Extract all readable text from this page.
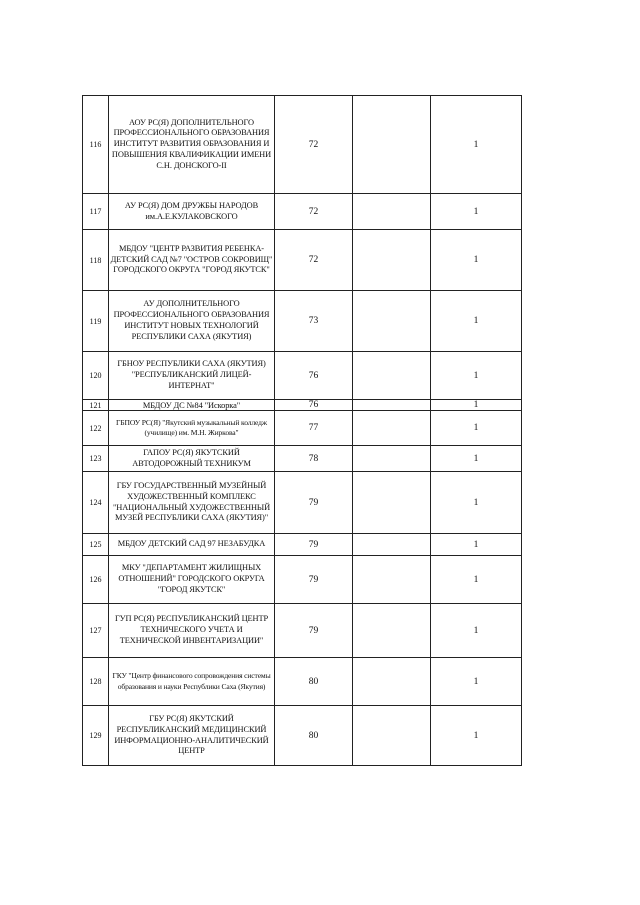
116	АОУ РС(Я) ДОПОЛНИТЕЛЬНОГО ПРОФЕССИОНАЛЬНОГО ОБРАЗОВАНИЯ ИНСТИТУТ РАЗВИТИЯ ОБРАЗОВАНИЯ И ПОВЫШЕНИЯ КВАЛИФИКАЦИИ ИМЕНИ С.Н. ДОНСКОГО-II	72		1
117	АУ РС(Я) ДОМ ДРУЖБЫ НАРОДОВ им.А.Е.КУЛАКОВСКОГО	72		1
118	МБДОУ "ЦЕНТР РАЗВИТИЯ РЕБЕНКА-ДЕТСКИЙ САД №7 "ОСТРОВ СОКРОВИЩ" ГОРОДСКОГО ОКРУГА "ГОРОД ЯКУТСК"	72		1
119	АУ ДОПОЛНИТЕЛЬНОГО ПРОФЕССИОНАЛЬНОГО ОБРАЗОВАНИЯ ИНСТИТУТ НОВЫХ ТЕХНОЛОГИЙ РЕСПУБЛИКИ САХА (ЯКУТИЯ)	73		1
120	ГБНОУ РЕСПУБЛИКИ САХА (ЯКУТИЯ) "РЕСПУБЛИКАНСКИЙ ЛИЦЕЙ-ИНТЕРНАТ"	76		1
121	МБДОУ ДС №84 "Искорка"	76		1
122	ГБПОУ РС(Я) "Якутский музыкальный колледж (училище) им. М.Н. Жиркова"	77		1
123	ГАПОУ РС(Я) ЯКУТСКИЙ АВТОДОРОЖНЫЙ ТЕХНИКУМ	78		1
124	ГБУ ГОСУДАРСТВЕННЫЙ МУЗЕЙНЫЙ ХУДОЖЕСТВЕННЫЙ КОМПЛЕКС "НАЦИОНАЛЬНЫЙ ХУДОЖЕСТВЕННЫЙ МУЗЕЙ РЕСПУБЛИКИ САХА (ЯКУТИЯ)"	79		1
125	МБДОУ ДЕТСКИЙ САД 97 НЕЗАБУДКА	79		1
126	МКУ "ДЕПАРТАМЕНТ ЖИЛИЩНЫХ ОТНОШЕНИЙ" ГОРОДСКОГО ОКРУГА "ГОРОД ЯКУТСК"	79		1
127	ГУП РС(Я) РЕСПУБЛИКАНСКИЙ ЦЕНТР ТЕХНИЧЕСКОГО УЧЕТА И ТЕХНИЧЕСКОЙ ИНВЕНТАРИЗАЦИИ"	79		1
128	ГКУ "Центр финансового сопровождения системы образования и науки Республики Саха (Якутия)	80		1
129	ГБУ РС(Я) ЯКУТСКИЙ РЕСПУБЛИКАНСКИЙ МЕДИЦИНСКИЙ ИНФОРМАЦИОННО-АНАЛИТИЧЕСКИЙ ЦЕНТР	80		1
